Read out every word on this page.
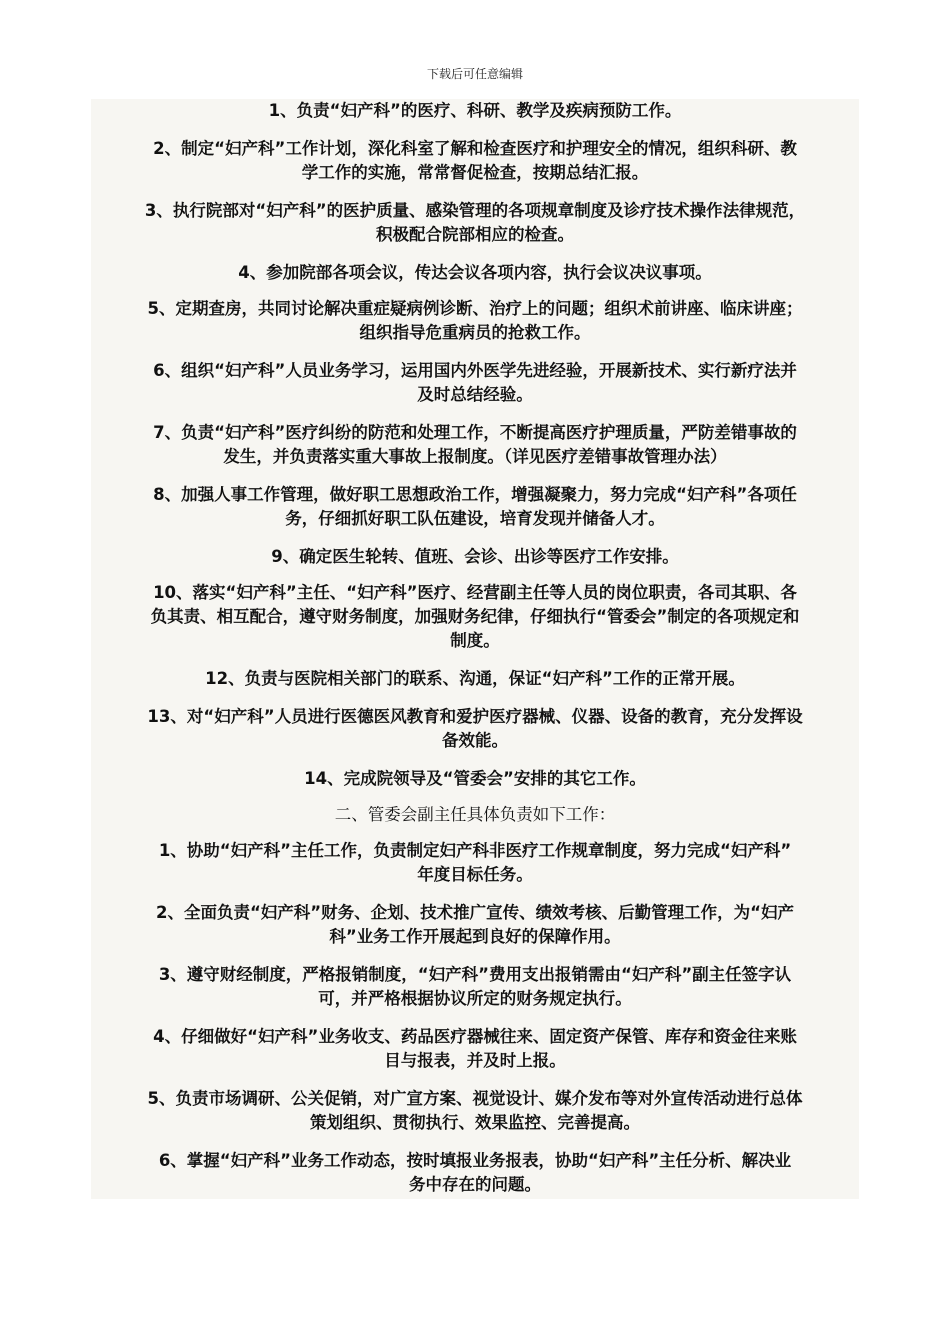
下载后可任意编辑
1、负责“妇产科”的医疗、科研、教学及疾病预防工作。
2、制定“妇产科”工作计划，深化科室了解和检查医疗和护理安全的情况，组织科研、教
学工作的实施，常常督促检查，按期总结汇报。
3、执行院部对“妇产科”的医护质量、感染管理的各项规章制度及诊疗技术操作法律规范，
积极配合院部相应的检查。
4、参加院部各项会议，传达会议各项内容，执行会议决议事项。
5、定期查房，共同讨论解决重症疑病例诊断、治疗上的问题；组织术前讲座、临床讲座；
组织指导危重病员的抢救工作。
6、组织“妇产科”人员业务学习，运用国内外医学先进经验，开展新技术、实行新疗法并
及时总结经验。
7、负责“妇产科”医疗纠纷的防范和处理工作，不断提高医疗护理质量，严防差错事故的
发生，并负责落实重大事故上报制度。（详见医疗差错事故管理办法）
8、加强人事工作管理，做好职工思想政治工作，增强凝聚力，努力完成“妇产科”各项任
务，仔细抓好职工队伍建设，培育发现并储备人才。
9、确定医生轮转、值班、会诊、出诊等医疗工作安排。
10、落实“妇产科”主任、“妇产科”医疗、经营副主任等人员的岗位职责，各司其职、各
负其责、相互配合，遵守财务制度，加强财务纪律，仔细执行“管委会”制定的各项规定和
制度。
12、负责与医院相关部门的联系、沟通，保证“妇产科”工作的正常开展。
13、对“妇产科”人员进行医德医风教育和爱护医疗器械、仪器、设备的教育，充分发挥设
备效能。
14、完成院领导及“管委会”安排的其它工作。
二、管委会副主任具体负责如下工作：
1、协助“妇产科”主任工作，负责制定妇产科非医疗工作规章制度，努力完成“妇产科”
年度目标任务。
2、全面负责“妇产科”财务、企划、技术推广宣传、绩效考核、后勤管理工作，为“妇产
科”业务工作开展起到良好的保障作用。
3、遵守财经制度，严格报销制度，“妇产科”费用支出报销需由“妇产科”副主任签字认
可，并严格根据协议所定的财务规定执行。
4、仔细做好“妇产科”业务收支、药品医疗器械往来、固定资产保管、库存和资金往来账
目与报表，并及时上报。
5、负责市场调研、公关促销，对广宣方案、视觉设计、媒介发布等对外宣传活动进行总体
策划组织、贯彻执行、效果监控、完善提高。
6、掌握“妇产科”业务工作动态，按时填报业务报表，协助“妇产科”主任分析、解决业
务中存在的问题。
